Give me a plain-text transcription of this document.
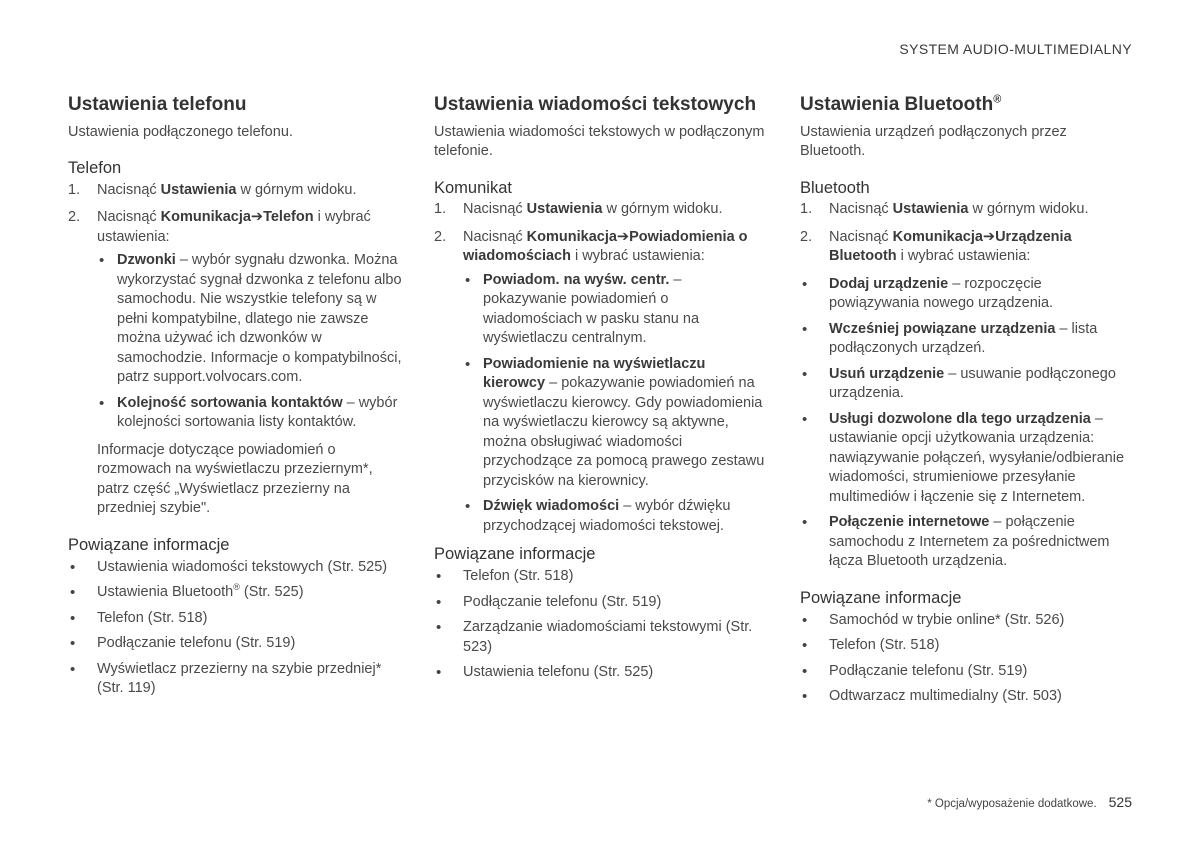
SYSTEM AUDIO-MULTIMEDIALNY
Ustawienia telefonu
Ustawienia podłączonego telefonu.
Telefon
1. Nacisnąć Ustawienia w górnym widoku.
2. Nacisnąć Komunikacja➔Telefon i wybrać ustawienia:
• Dzwonki – wybór sygnału dzwonka. Można wykorzystać sygnał dzwonka z telefonu albo samochodu. Nie wszystkie telefony są w pełni kompatybilne, dlatego nie zawsze można używać ich dzwonków w samochodzie. Informacje o kompatybilności, patrz support.volvocars.com.
• Kolejność sortowania kontaktów – wybór kolejności sortowania listy kontaktów.
Informacje dotyczące powiadomień o rozmowach na wyświetlaczu przeziernym*, patrz część „Wyświetlacz przezierny na przedniej szybie".
Powiązane informacje
• Ustawienia wiadomości tekstowych (Str. 525)
• Ustawienia Bluetooth® (Str. 525)
• Telefon (Str. 518)
• Podłączanie telefonu (Str. 519)
• Wyświetlacz przezierny na szybie przedniej* (Str. 119)
Ustawienia wiadomości tekstowych
Ustawienia wiadomości tekstowych w podłączonym telefonie.
Komunikat
1. Nacisnąć Ustawienia w górnym widoku.
2. Nacisnąć Komunikacja➔Powiadomienia o wiadomościach i wybrać ustawienia:
• Powiadom. na wyśw. centr. – pokazywanie powiadomień o wiadomościach w pasku stanu na wyświetlaczu centralnym.
• Powiadomienie na wyświetlaczu kierowcy – pokazywanie powiadomień na wyświetlaczu kierowcy. Gdy powiadomienia na wyświetlaczu kierowcy są aktywne, można obsługiwać wiadomości przychodzące za pomocą prawego zestawu przycisków na kierownicy.
• Dźwięk wiadomości – wybór dźwięku przychodzącej wiadomości tekstowej.
Powiązane informacje
• Telefon (Str. 518)
• Podłączanie telefonu (Str. 519)
• Zarządzanie wiadomościami tekstowymi (Str. 523)
• Ustawienia telefonu (Str. 525)
Ustawienia Bluetooth®
Ustawienia urządzeń podłączonych przez Bluetooth.
Bluetooth
1. Nacisnąć Ustawienia w górnym widoku.
2. Nacisnąć Komunikacja➔Urządzenia Bluetooth i wybrać ustawienia:
• Dodaj urządzenie – rozpoczęcie powiązywania nowego urządzenia.
• Wcześniej powiązane urządzenia – lista podłączonych urządzeń.
• Usuń urządzenie – usuwanie podłączonego urządzenia.
• Usługi dozwolone dla tego urządzenia – ustawianie opcji użytkowania urządzenia: nawiązywanie połączeń, wysyłanie/odbieranie wiadomości, strumieniowe przesyłanie multimediów i łączenie się z Internetem.
• Połączenie internetowe – połączenie samochodu z Internetem za pośrednictwem łącza Bluetooth urządzenia.
Powiązane informacje
• Samochód w trybie online* (Str. 526)
• Telefon (Str. 518)
• Podłączanie telefonu (Str. 519)
• Odtwarzacz multimedialny (Str. 503)
* Opcja/wyposażenie dodatkowe. 525
